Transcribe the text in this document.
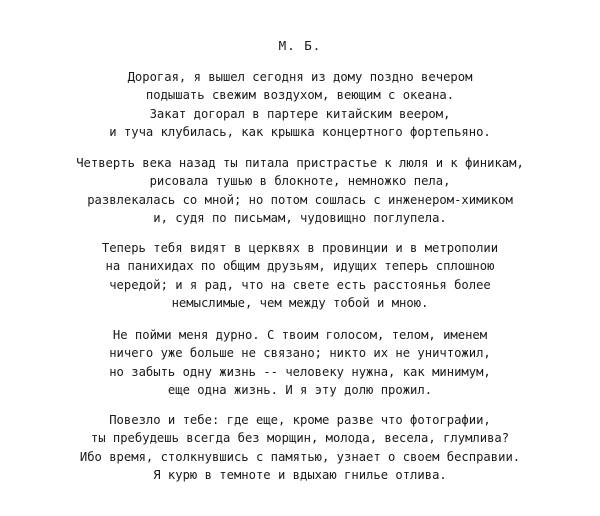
М. Б.
Дорогая, я вышел сегодня из дому поздно вечером
подышать свежим воздухом, веющим с океана.
Закат догорал в партере китайским веером,
и туча клубилась, как крышка концертного фортепьяно.
Четверть века назад ты питала пристрастье к люля и к финикам,
рисовала тушью в блокноте, немножко пела,
развлекалась со мной; но потом сошлась с инженером-химиком
и, судя по письмам, чудовищно поглупела.
Теперь тебя видят в церквях в провинции и в метрополии
на панихидах по общим друзьям, идущих теперь сплошною
чередой; и я рад, что на свете есть расстоянья более
немыслимые, чем между тобой и мною.
Не пойми меня дурно. С твоим голосом, телом, именем
ничего уже больше не связано; никто их не уничтожил,
но забыть одну жизнь -- человеку нужна, как минимум,
еще одна жизнь. И я эту долю прожил.
Повезло и тебе: где еще, кроме разве что фотографии,
ты пребудешь всегда без морщин, молода, весела, глумлива?
Ибо время, столкнувшись с памятью, узнает о своем бесправии.
Я курю в темноте и вдыхаю гнилье отлива.
